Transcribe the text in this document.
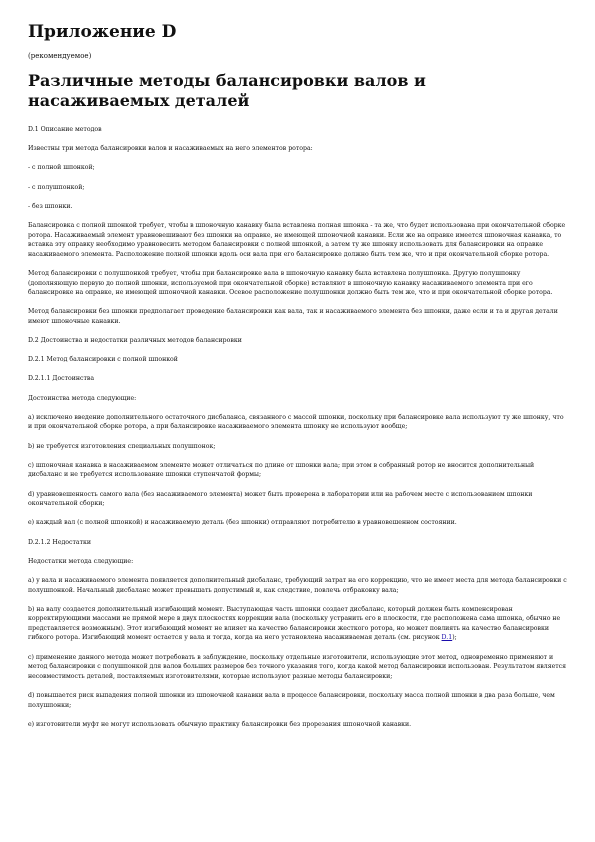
Приложение D
(рекомендуемое)
Различные методы балансировки валов и насаживаемых деталей

D.1 Описание методов

Известны три метода балансировки валов и насаживаемых на него элементов ротора:

- с полной шпонкой;

- с полушпонкой;

- без шпонки.

Балансировка с полной шпонкой требует, чтобы в шпоночную канавку была вставлена полная шпонка - та же, что будет использована при окончательной сборке ротора. Насаживаемый элемент уравновешивают без шпонки на оправке, не имеющей шпоночной канавки. Если же на оправке имеется шпоночная канавка, то вставка эту оправку необходимо уравновесить методом балансировки с полной шпонкой, а затем ту же шпонку использовать для балансировки на оправке насаживаемого элемента. Расположение полной шпонки вдоль оси вала при его балансировке должно быть тем же, что и при окончательной сборке ротора.

Метод балансировки с полушпонкой требует, чтобы при балансировке вала в шпоночную канавку была вставлена полушпонка. Другую полушпонку (дополняющую первую до полной шпонки, используемой при окончательной сборке) вставляют в шпоночную канавку насаживаемого элемента при его балансировке на оправке, не имеющей шпоночной канавки. Осевое расположение полушпонки должно быть тем же, что и при окончательной сборке ротора.

Метод балансировки без шпонки предполагает проведение балансировки как вала, так и насаживаемого элемента без шпонки, даже если и та и другая детали имеют шпоночные канавки.

D.2 Достоинства и недостатки различных методов балансировки

D.2.1 Метод балансировки с полной шпонкой

D.2.1.1 Достоинства

Достоинства метода следующие:

a) исключено введение дополнительного остаточного дисбаланса, связанного с массой шпонки, поскольку при балансировке вала используют ту же шпонку, что и при окончательной сборке ротора, а при балансировке насаживаемого элемента шпонку не используют вообще;

b) не требуется изготовления специальных полушпонок;

c) шпоночная канавка в насаживаемом элементе может отличаться по длине от шпонки вала; при этом в собранный ротор не вносится дополнительный дисбаланс и не требуется использование шпонки ступенчатой формы;

d) уравновешенность самого вала (без насаживаемого элемента) может быть проверена в лаборатории или на рабочем месте с использованием шпонки окончательной сборки;

e) каждый вал (с полной шпонкой) и насаживаемую деталь (без шпонки) отправляют потребителю в уравновешенном состоянии.

D.2.1.2 Недостатки

Недостатки метода следующие:

a) у вала и насаживаемого элемента появляется дополнительный дисбаланс, требующий затрат на его коррекцию, что не имеет места для метода балансировки с полушпонкой. Начальный дисбаланс может превышать допустимый и, как следствие, повлечь отбраковку вала;

b) на валу создается дополнительный изгибающий момент. Выступающая часть шпонки создает дисбаланс, который должен быть компенсирован корректирующими массами не прямой мере в двух плоскостях коррекции вала (поскольку устранить его в плоскости, где расположена сама шпонка, обычно не представляется возможным). Этот изгибающий момент не влияет на качество балансировки жесткого ротора, но может повлиять на качество балансировки гибкого ротора. Изгибающий момент остается у вала и тогда, когда на него установлена насаживаемая деталь (см. рисунок D.1);

c) применение данного метода может потребовать в заблуждение, поскольку отдельные изготовители, использующие этот метод, одновременно применяют и метод балансировки с полушпонкой для валов больших размеров без точного указания того, когда какой метод балансировки использован. Результатом является несовместимость деталей, поставляемых изготовителями, которые используют разные методы балансировки;

d) повышается риск выпадения полной шпонки из шпоночной канавки вала в процессе балансировки, поскольку масса полной шпонки в два раза больше, чем полушпонки;

e) изготовители муфт не могут использовать обычную практику балансировки без прорезания шпоночной канавки.
